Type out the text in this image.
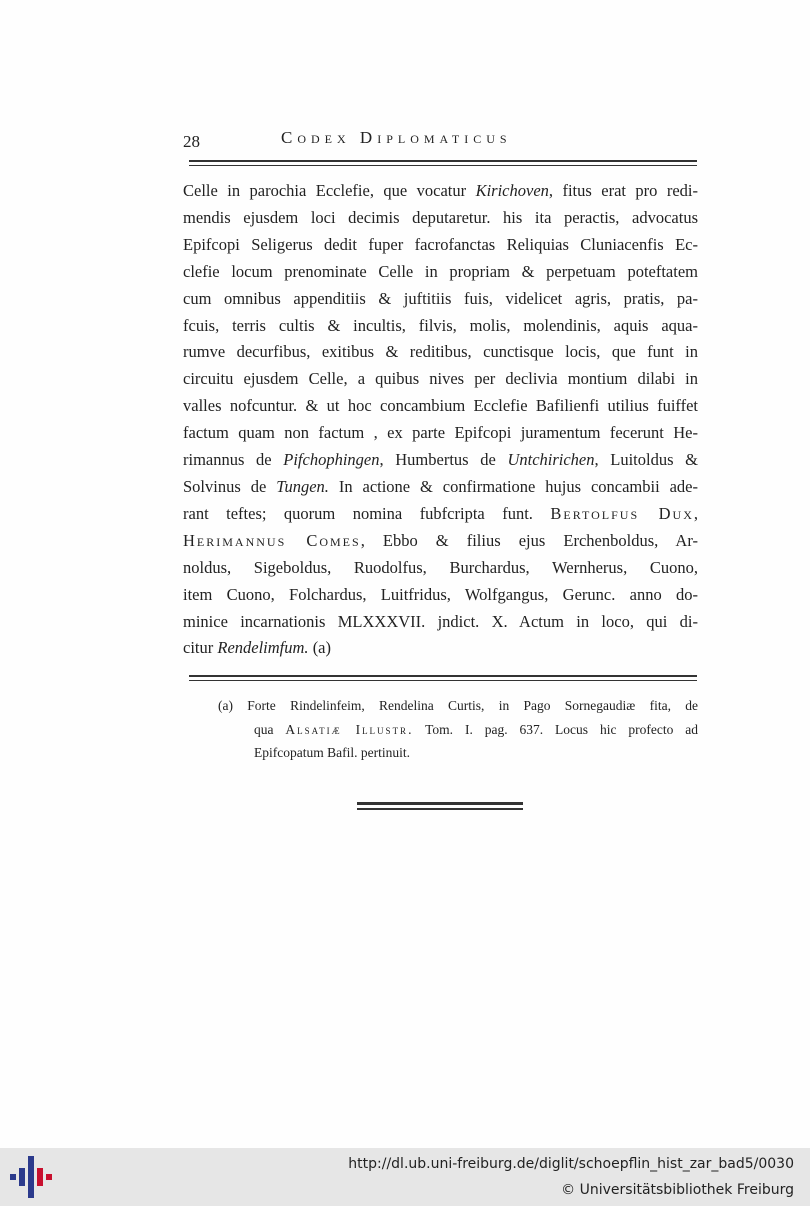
28	Codex Diplomaticus
Celle in parochia Ecclefie, que vocatur Kirichoven, fitus erat pro redi-
mendis ejusdem loci decimis deputaretur. his ita peractis, advocatus
Epifcopi Seligerus dedit fuper facrofanctas Reliquias Cluniacenfis Ec-
clefie locum prenominate Celle in propriam & perpetuam poteftatem
cum omnibus appenditiis & juftitiis fuis, videlicet agris, pratis, pa-
fcuis, terris cultis & incultis, filvis, molis, molendinis, aquis aqua-
rumve decurfibus, exitibus & reditibus, cunctisque locis, que funt in
circuitu ejusdem Celle, a quibus nives per declivia montium dilabi in
valles nofcuntur. & ut hoc concambium Ecclefie Bafilienfi utilius fuiffet
factum quam non factum , ex parte Epifcopi juramentum fecerunt He-
rimannus de Pifchophingen, Humbertus de Untchirichen, Luitoldus &
Solvinus de Tungen. In actione & confirmatione hujus concambii ade-
rant teftes; quorum nomina fubfcripta funt. Bertolfus Dux,
Herimannus Comes, Ebbo & filius ejus Erchenboldus, Ar-
noldus, Sigeboldus, Ruodolfus, Burchardus, Wernherus, Cuono,
item Cuono, Folchardus, Luitfridus, Wolfgangus, Gerunc. anno do-
minice incarnationis MLXXXVII. jndict. X. Actum in loco, qui di-
citur Rendelimfum. (a)
(a) Forte Rindelinfeim, Rendelina Curtis, in Pago Sornegaudiæ fita, de
qua Alsatiæ Illustr. Tom. I. pag. 637. Locus hic profecto ad
Epifcopatum Bafil. pertinuit.
http://dl.ub.uni-freiburg.de/diglit/schoepflin_hist_zar_bad5/0030
© Universitätsbibliothek Freiburg
